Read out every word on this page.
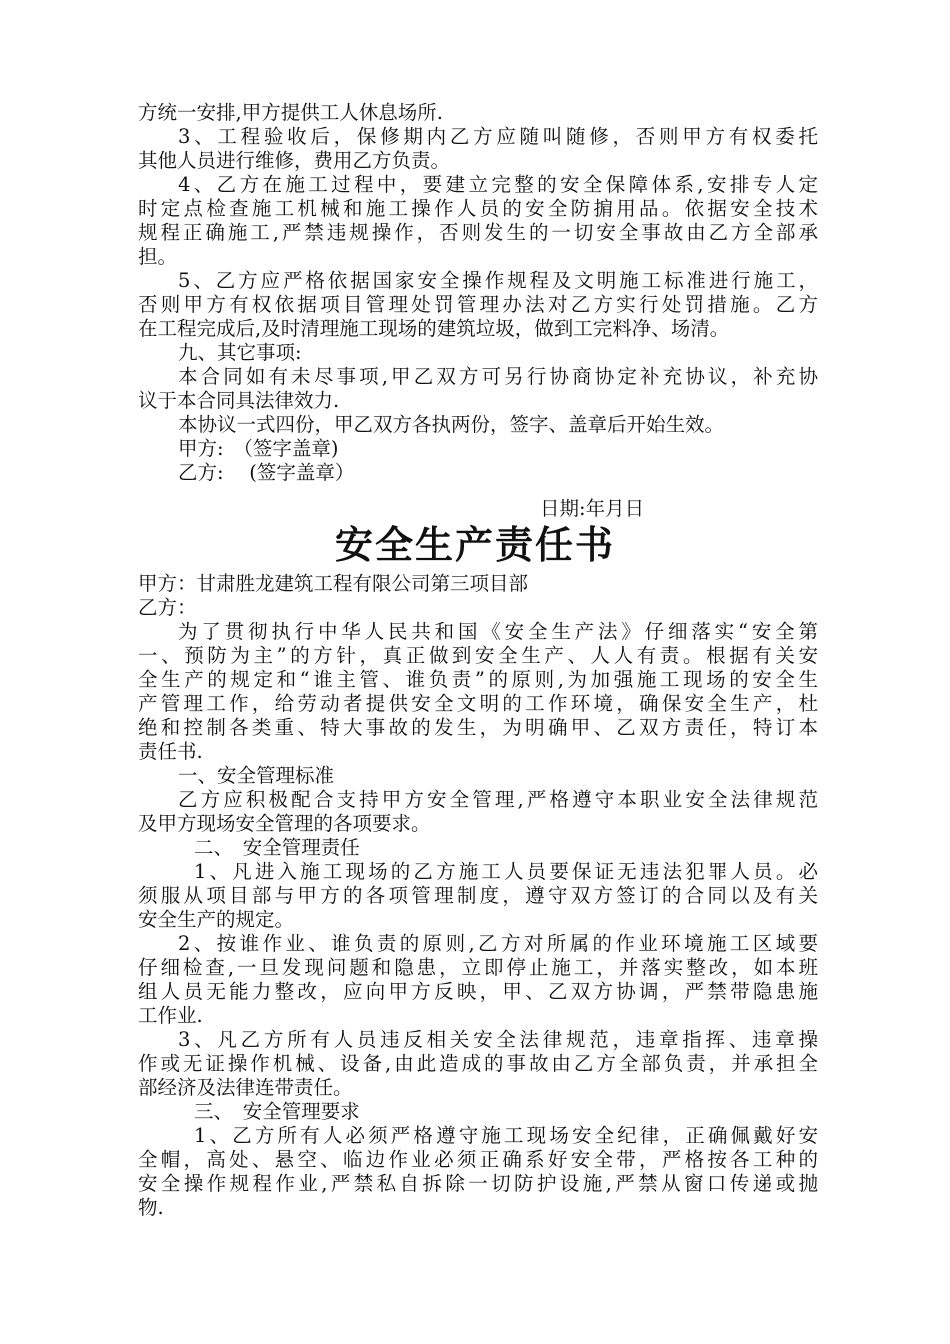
日期:年月日
安全生产责任书
方统一安排,甲方提供工人休息场所.
3、工程验收后，保修期内乙方应随叫随修，否则甲方有权委托
其他人员进行维修，费用乙方负责。
4、乙方在施工过程中，要建立完整的安全保障体系,安排专人定
时定点检查施工机械和施工操作人员的安全防掮用品。依据安全技术
规程正确施工,严禁违规操作，否则发生的一切安全事故由乙方全部承
担。
5、乙方应严格依据国家安全操作规程及文明施工标准进行施工，
否则甲方有权依据项目管理处罚管理办法对乙方实行处罚措施。乙方
在工程完成后,及时清理施工现场的建筑垃圾，做到工完料净、场清。
九、其它事项:
本合同如有未尽事项,甲乙双方可另行协商协定补充协议，补充协
议于本合同具法律效力.
本协议一式四份，甲乙双方各执两份，签字、盖章后开始生效。
甲方:　（签字盖章)
乙方:　 (签字盖章）
甲方：甘肃胜龙建筑工程有限公司第三项目部
乙方：
为了贯彻执行中华人民共和国《安全生产法》仔细落实“安全第
一、预防为主”的方针，真正做到安全生产、人人有责。根据有关安
全生产的规定和“谁主管、谁负责”的原则,为加强施工现场的安全生
产管理工作，给劳动者提供安全文明的工作环境，确保安全生产，杜
绝和控制各类重、特大事故的发生，为明确甲、乙双方责任，特订本
责任书.
一、安全管理标准
乙方应积极配合支持甲方安全管理,严格遵守本职业安全法律规范
及甲方现场安全管理的各项要求。
二、　安全管理责任
1、凡进入施工现场的乙方施工人员要保证无违法犯罪人员。必
须服从项目部与甲方的各项管理制度，遵守双方签订的合同以及有关
安全生产的规定。
2、按谁作业、谁负责的原则,乙方对所属的作业环境施工区域要
仔细检查,一旦发现问题和隐患，立即停止施工，并落实整改，如本班
组人员无能力整改，应向甲方反映，甲、乙双方协调，严禁带隐患施
工作业.
3、凡乙方所有人员违反相关安全法律规范，违章指挥、违章操
作或无证操作机械、设备,由此造成的事故由乙方全部负责，并承担全
部经济及法律连带责任。
三、　安全管理要求
1、乙方所有人必须严格遵守施工现场安全纪律，正确佩戴好安
全帽，高处、悬空、临边作业必须正确系好安全带，严格按各工种的
安全操作规程作业,严禁私自拆除一切防护设施,严禁从窗口传递或抛
物.
